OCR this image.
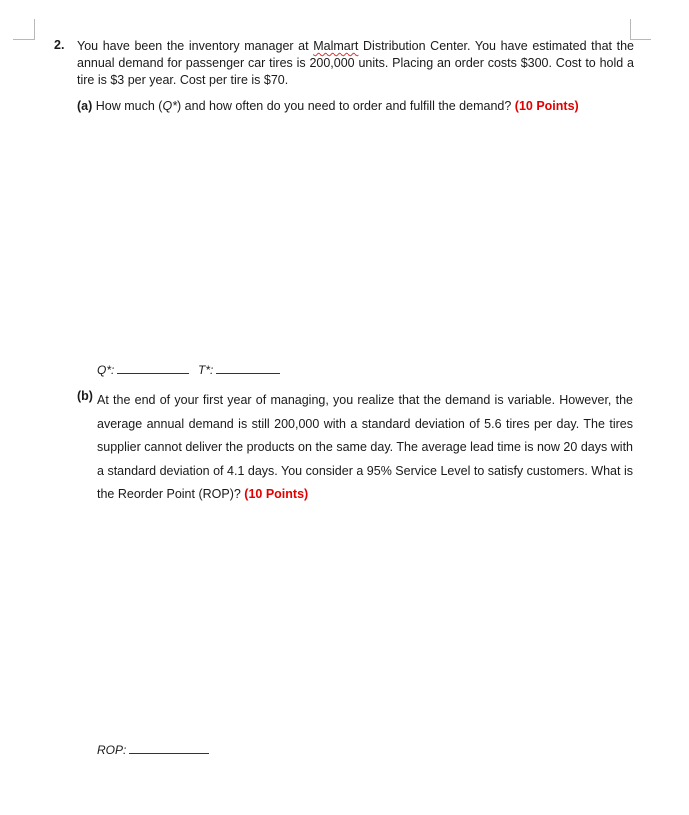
2. You have been the inventory manager at Malmart Distribution Center. You have estimated that the annual demand for passenger car tires is 200,000 units. Placing an order costs $300. Cost to hold a tire is $3 per year. Cost per tire is $70.
(a) How much (Q*) and how often do you need to order and fulfill the demand? (10 Points)
Q*:	T*:
(b) At the end of your first year of managing, you realize that the demand is variable. However, the average annual demand is still 200,000 with a standard deviation of 5.6 tires per day. The tires supplier cannot deliver the products on the same day. The average lead time is now 20 days with a standard deviation of 4.1 days. You consider a 95% Service Level to satisfy customers. What is the Reorder Point (ROP)? (10 Points)
ROP:
